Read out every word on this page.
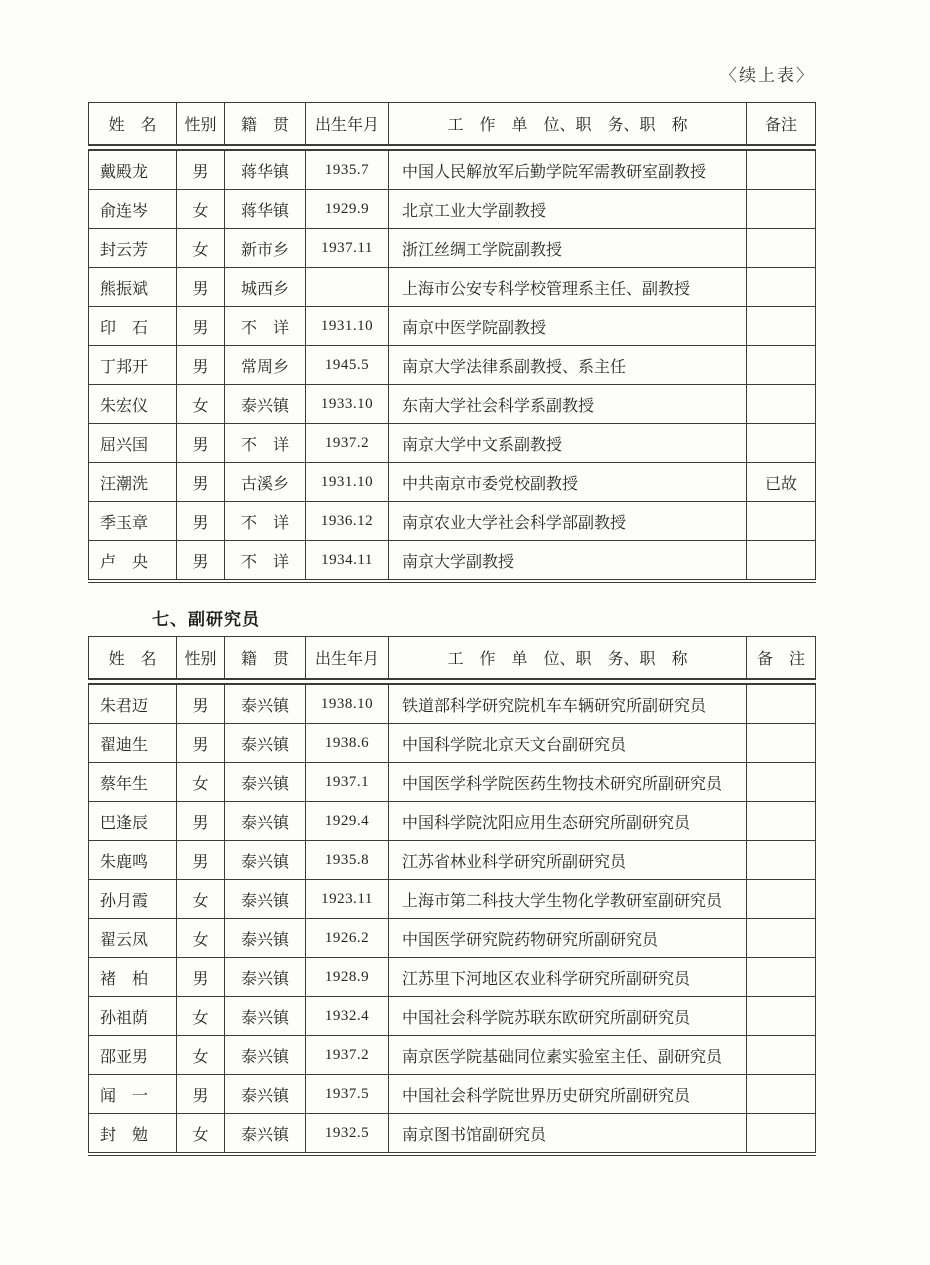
〈续上表〉
姓　名	性别	籍　贯	出生年月	工　作　单　位、职　务、职　称	备注
戴殿龙	男	蒋华镇	1935.7	中国人民解放军后勤学院军需教研室副教授	
俞连岑	女	蒋华镇	1929.9	北京工业大学副教授	
封云芳	女	新市乡	1937.11	浙江丝绸工学院副教授	
熊振斌	男	城西乡		上海市公安专科学校管理系主任、副教授	
印　石	男	不　详	1931.10	南京中医学院副教授	
丁邦开	男	常周乡	1945.5	南京大学法律系副教授、系主任	
朱宏仪	女	泰兴镇	1933.10	东南大学社会科学系副教授	
屈兴国	男	不　详	1937.2	南京大学中文系副教授	
汪潮洗	男	古溪乡	1931.10	中共南京市委党校副教授	已故
季玉章	男	不　详	1936.12	南京农业大学社会科学部副教授	
卢　央	男	不　详	1934.11	南京大学副教授	
七、副研究员
姓　名	性别	籍　贯	出生年月	工　作　单　位、职　务、职　称	备　注
朱君迈	男	泰兴镇	1938.10	铁道部科学研究院机车车辆研究所副研究员	
翟迪生	男	泰兴镇	1938.6	中国科学院北京天文台副研究员	
蔡年生	女	泰兴镇	1937.1	中国医学科学院医药生物技术研究所副研究员	
巴逢辰	男	泰兴镇	1929.4	中国科学院沈阳应用生态研究所副研究员	
朱鹿鸣	男	泰兴镇	1935.8	江苏省林业科学研究所副研究员	
孙月霞	女	泰兴镇	1923.11	上海市第二科技大学生物化学教研室副研究员	
翟云凤	女	泰兴镇	1926.2	中国医学研究院药物研究所副研究员	
褚　柏	男	泰兴镇	1928.9	江苏里下河地区农业科学研究所副研究员	
孙祖荫	女	泰兴镇	1932.4	中国社会科学院苏联东欧研究所副研究员	
邵亚男	女	泰兴镇	1937.2	南京医学院基础同位素实验室主任、副研究员	
闻　一	男	泰兴镇	1937.5	中国社会科学院世界历史研究所副研究员	
封　勉	女	泰兴镇	1932.5	南京图书馆副研究员	
